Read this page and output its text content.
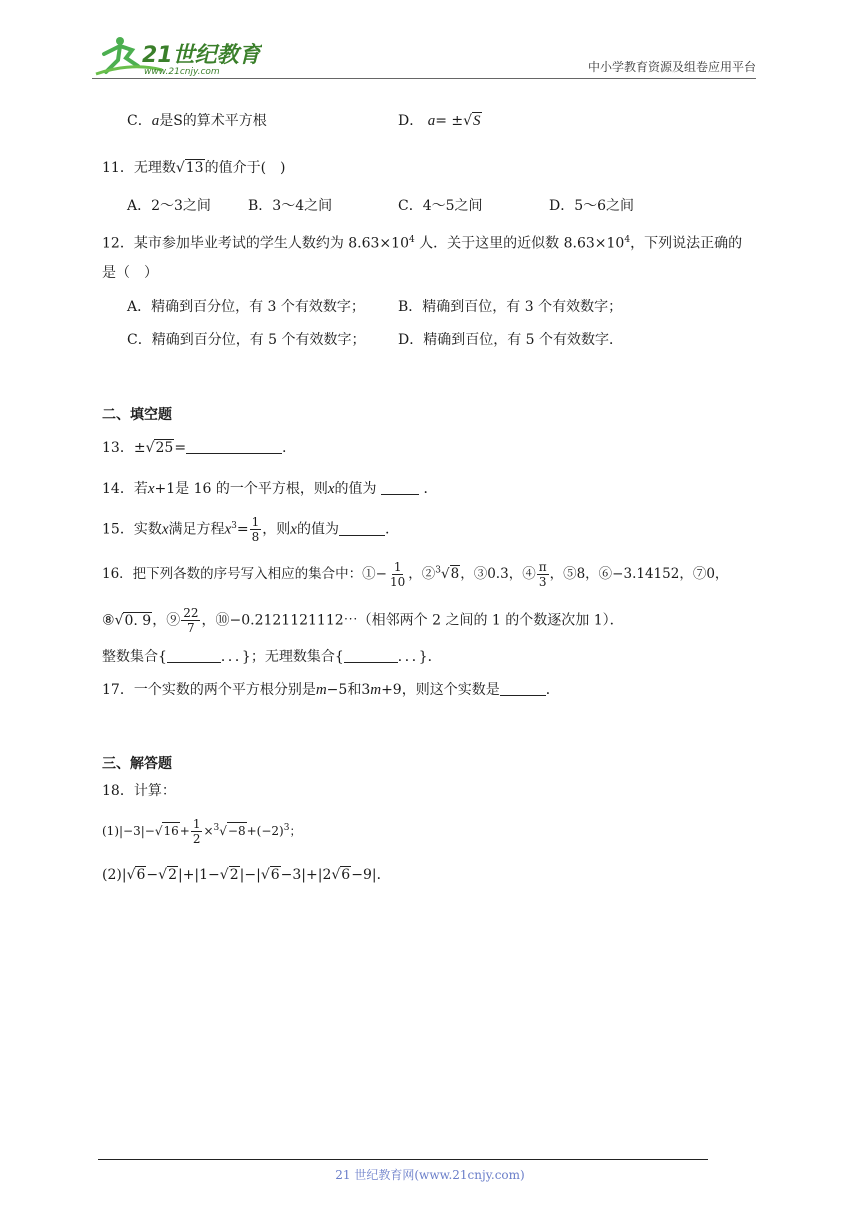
21世纪教育
www.21cnjy.com	中小学教育资源及组卷应用平台
C．a是S的算术平方根	D． a= ±√S
11．无理数√13的值介于(　)
A．2～3之间	B．3～4之间	C．4～5之间	D．5～6之间
12．某市参加毕业考试的学生人数约为 $8.63\times 10^4$ 人．关于这里的近似数 $8.63\times 10^4$，下列说法正确的
是（　）
A．精确到百分位，有 3 个有效数字； B．精确到百位，有 3 个有效数字；
C．精确到百分位，有 5 个有效数字； D．精确到百位，有 5 个有效数字．
二、填空题
13．±√25=	.
14．若x+1是 16 的一个平方根，则x的值为	．
15．实数x满足方程$x^3= \frac{1}{8}$ ，则x的值为	.
16．把下列各数的序号写入相应的集合中：①− $\frac{1}{10}$ ，②$^3$√8，③0.3，④ $\frac{\pi}{3}$ ，⑤8，⑥−3.14152，⑦0，
⑧√0. 9，⑨ $\frac{22}{7}$ ，⑩−0.2121121112⋯（相邻两个 2 之间的 1 的个数逐次加 1）．
整数集合{	．．．}；无理数集合{	．．．}．
17．一个实数的两个平方根分别是m−5和3m+9，则这个实数是	．
三、解答题
18．计算：
$(1)|-3|-√16+ \frac{1}{2} \times^3√-8+(-2)^3$；
(2)|√6−√2|+|1−√2|−|√6−3|+|2√6−9|．
21 世纪教育网(www.21cnjy.com)
